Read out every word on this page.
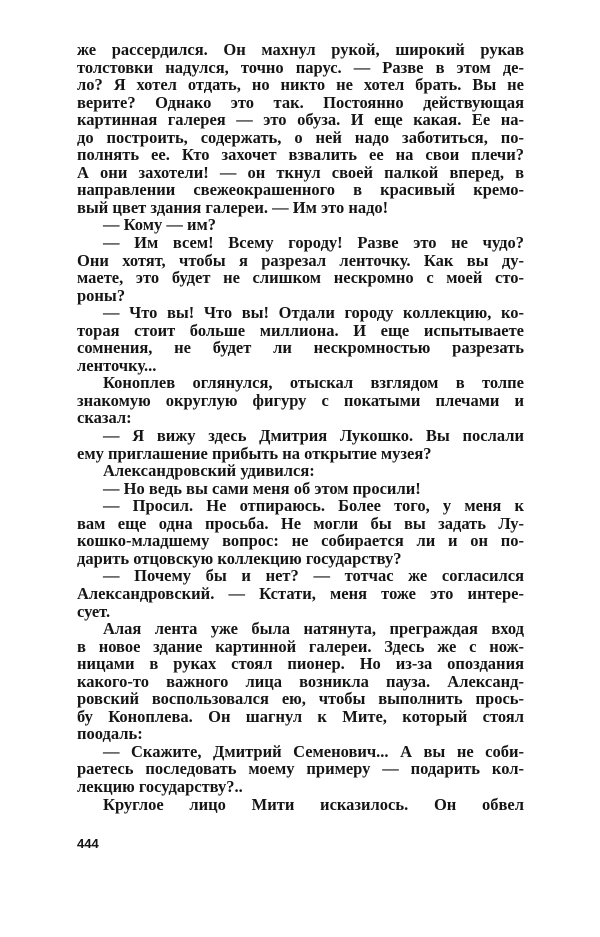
же рассердился. Он махнул рукой, широкий рукав
толстовки надулся, точно парус. — Разве в этом де-
ло? Я хотел отдать, но никто не хотел брать. Вы не
верите? Однако это так. Постоянно действующая
картинная галерея — это обуза. И еще какая. Ее на-
до построить, содержать, о ней надо заботиться, по-
полнять ее. Кто захочет взвалить ее на свои плечи?
А они захотели! — он ткнул своей палкой вперед, в
направлении свежеокрашенного в красивый кремо-
вый цвет здания галереи. — Им это надо!
— Кому — им?
— Им всем! Всему городу! Разве это не чудо?
Они хотят, чтобы я разрезал ленточку. Как вы ду-
маете, это будет не слишком нескромно с моей сто-
роны?
— Что вы! Что вы! Отдали городу коллекцию, ко-
торая стоит больше миллиона. И еще испытываете
сомнения, не будет ли нескромностью разрезать
ленточку...
Коноплев оглянулся, отыскал взглядом в толпе
знакомую округлую фигуру с покатыми плечами и
сказал:
— Я вижу здесь Дмитрия Лукошко. Вы послали
ему приглашение прибыть на открытие музея?
Александровский удивился:
— Но ведь вы сами меня об этом просили!
— Просил. Не отпираюсь. Более того, у меня к
вам еще одна просьба. Не могли бы вы задать Лу-
кошко-младшему вопрос: не собирается ли и он по-
дарить отцовскую коллекцию государству?
— Почему бы и нет? — тотчас же согласился
Александровский. — Кстати, меня тоже это интере-
сует.
Алая лента уже была натянута, преграждая вход
в новое здание картинной галереи. Здесь же с нож-
ницами в руках стоял пионер. Но из-за опоздания
какого-то важного лица возникла пауза. Александ-
ровский воспользовался ею, чтобы выполнить прось-
бу Коноплева. Он шагнул к Мите, который стоял
поодаль:
— Скажите, Дмитрий Семенович... А вы не соби-
раетесь последовать моему примеру — подарить кол-
лекцию государству?..
Круглое лицо Мити исказилось. Он обвел
444
